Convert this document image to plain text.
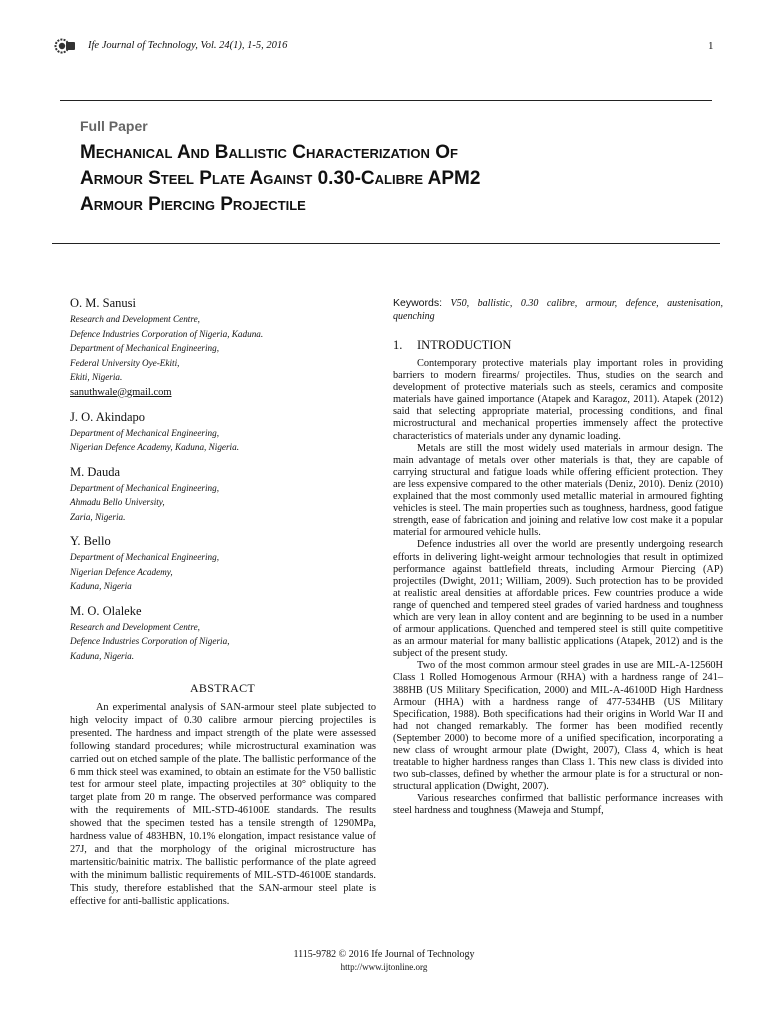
Ife Journal of Technology, Vol. 24(1), 1-5, 2016	1
Full Paper
Mechanical And Ballistic Characterization Of
Armour Steel Plate Against 0.30-Calibre APM2
Armour Piercing Projectile
O. M. Sanusi
Research and Development Centre,
Defence Industries Corporation of Nigeria, Kaduna.
Department of Mechanical Engineering,
Federal University Oye-Ekiti,
Ekiti, Nigeria.
sanuthwale@gmail.com
J. O. Akindapo
Department of Mechanical Engineering,
Nigerian Defence Academy, Kaduna, Nigeria.
M. Dauda
Department of Mechanical Engineering,
Ahmadu Bello University,
Zaria, Nigeria.
Y. Bello
Department of Mechanical Engineering,
Nigerian Defence Academy,
Kaduna, Nigeria
M. O. Olaleke
Research and Development Centre,
Defence Industries Corporation of Nigeria,
Kaduna, Nigeria.
ABSTRACT

An experimental analysis of SAN-armour steel plate subjected to high velocity impact of 0.30 calibre armour piercing projectiles is presented. The hardness and impact strength of the plate were assessed following standard procedures; while microstructural examination was carried out on etched sample of the plate. The ballistic performance of the 6 mm thick steel was examined, to obtain an estimate for the V50 ballistic test for armour steel plate, impacting projectiles at 30° obliquity to the target plate from 20 m range. The observed performance was compared with the requirements of MIL-STD-46100E standards. The results showed that the specimen tested has a tensile strength of 1290MPa, hardness value of 483HBN, 10.1% elongation, impact resistance value of 27J, and that the morphology of the original microstructure has martensitic/bainitic matrix. The ballistic performance of the plate agreed with the minimum ballistic requirements of MIL-STD-46100E standards. This study, therefore established that the SAN-armour steel plate is effective for anti-ballistic applications.

Keywords: V50, ballistic, 0.30 calibre, armour, defence, austenisation, quenching
1.	INTRODUCTION

Contemporary protective materials play important roles in providing barriers to modern firearms/ projectiles. Thus, studies on the search and development of protective materials such as steels, ceramics and composite materials have gained importance (Atapek and Karagoz, 2011). Atapek (2012) said that selecting appropriate material, processing conditions, and final microstructural and mechanical properties immensely affect the protective characteristics of materials under any dynamic loading.

Metals are still the most widely used materials in armour design. The main advantage of metals over other materials is that, they are capable of carrying structural and fatigue loads while offering efficient protection. They are less expensive compared to the other materials (Deniz, 2010). Deniz (2010) explained that the most commonly used metallic material in armoured fighting vehicles is steel. The main properties such as toughness, hardness, good fatigue strength, ease of fabrication and joining and relative low cost make it a popular material for armoured vehicle hulls.

Defence industries all over the world are presently undergoing research efforts in delivering light-weight armour technologies that result in optimized performance against battlefield threats, including Armour Piercing (AP) projectiles (Dwight, 2011; William, 2009). Such protection has to be provided at realistic areal densities at affordable prices. Few countries produce a wide range of quenched and tempered steel grades of varied hardness and toughness which are very lean in alloy content and are beginning to be used in a number of armour applications. Quenched and tempered steel is still quite competitive as an armour material for many ballistic applications (Atapek, 2012) and is the subject of the present study.

Two of the most common armour steel grades in use are MIL-A-12560H Class 1 Rolled Homogenous Armour (RHA) with a hardness range of 241– 388HB (US Military Specification, 2000) and MIL-A-46100D High Hardness Armour (HHA) with a hardness range of 477-534HB (US Military Specification, 1988). Both specifications had their origins in World War II and had not changed remarkably. The former has been modified recently (September 2000) to become more of a unified specification, incorporating a new class of wrought armour plate (Dwight, 2007), Class 4, which is heat treatable to higher hardness ranges than Class 1. This new class is divided into two sub-classes, defined by whether the armour plate is for a structural or non-structural application (Dwight, 2007).

Various researches confirmed that ballistic performance increases with steel hardness and toughness (Maweja and Stumpf,

1115-9782 © 2016 Ife Journal of Technology
http://www.ijtonline.org
